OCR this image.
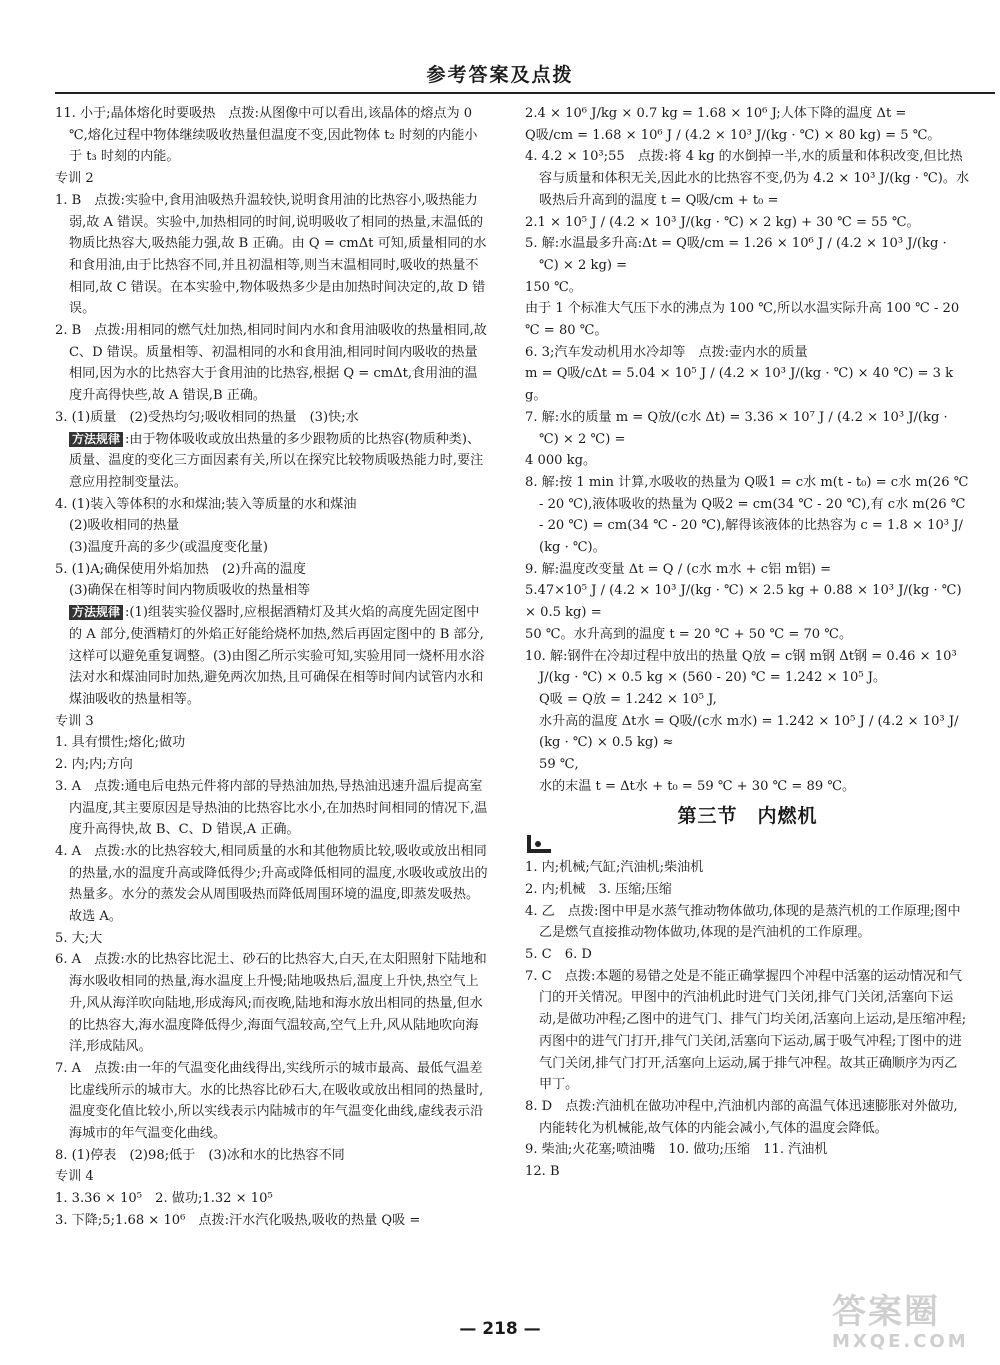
参考答案及点拨

11. 小于;晶体熔化时要吸热　点拨:从图像中可以看出,该晶体的熔点为 0 ℃,熔化过程中物体继续吸收热量但温度不变,因此物体 t₂ 时刻的内能小于 t₃ 时刻的内能。

专训 2

1. B　点拨:实验中,食用油吸热升温较快,说明食用油的比热容小,吸热能力弱,故 A 错误。实验中,加热相同的时间,说明吸收了相同的热量,末温低的物质比热容大,吸热能力强,故 B 正确。由 Q = cmΔt 可知,质量相同的水和食用油,由于比热容不同,并且初温相等,则当末温相同时,吸收的热量不相同,故 C 错误。在本实验中,物体吸热多少是由加热时间决定的,故 D 错误。

2. B　点拨:用相同的燃气灶加热,相同时间内水和食用油吸收的热量相同,故 C、D 错误。质量相等、初温相同的水和食用油,相同时间内吸收的热量相同,因为水的比热容大于食用油的比热容,根据 Q = cmΔt,食用油的温度升高得快些,故 A 错误,B 正确。

3. (1)质量　(2)受热均匀;吸收相同的热量　(3)快;水

方法规律 :由于物体吸收或放出热量的多少跟物质的比热容(物质种类)、质量、温度的变化三方面因素有关,所以在探究比较物质吸热能力时,要注意应用控制变量法。

4. (1)装入等体积的水和煤油;装入等质量的水和煤油

(2)吸收相同的热量

(3)温度升高的多少(或温度变化量)

5. (1)A;确保使用外焰加热　(2)升高的温度

(3)确保在相等时间内物质吸收的热量相等

方法规律 :(1)组装实验仪器时,应根据酒精灯及其火焰的高度先固定图中的 A 部分,使酒精灯的外焰正好能给烧杯加热,然后再固定图中的 B 部分,这样可以避免重复调整。(3)由图乙所示实验可知,实验用同一烧杯用水浴法对水和煤油同时加热,避免两次加热,且可确保在相等时间内试管内水和煤油吸收的热量相等。

专训 3

1. 具有惯性;熔化;做功

2. 内;内;方向

3. A　点拨:通电后电热元件将内部的导热油加热,导热油迅速升温后提高室内温度,其主要原因是导热油的比热容比水小,在加热时间相同的情况下,温度升高得快,故 B、C、D 错误,A 正确。

4. A　点拨:水的比热容较大,相同质量的水和其他物质比较,吸收或放出相同的热量,水的温度升高或降低得少;升高或降低相同的温度,水吸收或放出的热量多。水分的蒸发会从周围吸热而降低周围环境的温度,即蒸发吸热。故选 A。

5. 大;大

6. A　点拨:水的比热容比泥土、砂石的比热容大,白天,在太阳照射下陆地和海水吸收相同的热量,海水温度上升慢;陆地吸热后,温度上升快,热空气上升,风从海洋吹向陆地,形成海风;而夜晚,陆地和海水放出相同的热量,但水的比热容大,海水温度降低得少,海面气温较高,空气上升,风从陆地吹向海洋,形成陆风。

7. A　点拨:由一年的气温变化曲线得出,实线所示的城市最高、最低气温差比虚线所示的城市大。水的比热容比砂石大,在吸收或放出相同的热量时,温度变化值比较小,所以实线表示内陆城市的年气温变化曲线,虚线表示沿海城市的年气温变化曲线。

8. (1)停表　(2)98;低于　(3)冰和水的比热容不同

专训 4

1. 3.36 × 10⁵　2. 做功;1.32 × 10⁵

3. 下降;5;1.68 × 10⁶　点拨:汗水汽化吸热,吸收的热量 Q吸 =

2.4 × 10⁶ J/kg × 0.7 kg = 1.68 × 10⁶ J;人体下降的温度 Δt =

Q吸/cm = 1.68 × 10⁶ J / (4.2 × 10³ J/(kg · ℃) × 80 kg) = 5 ℃。

4. 4.2 × 10³;55　点拨:将 4 kg 的水倒掉一半,水的质量和体积改变,但比热容与质量和体积无关,因此水的比热容不变,仍为 4.2 × 10³ J/(kg · ℃)。水吸热后升高到的温度 t = Q吸/cm + t₀ =

2.1 × 10⁵ J / (4.2 × 10³ J/(kg · ℃) × 2 kg) + 30 ℃ = 55 ℃。

5. 解:水温最多升高:Δt = Q吸/cm = 1.26 × 10⁶ J / (4.2 × 10³ J/(kg · ℃) × 2 kg) =

150 ℃。

由于 1 个标准大气压下水的沸点为 100 ℃,所以水温实际升高 100 ℃ - 20 ℃ = 80 ℃。

6. 3;汽车发动机用水冷却等　点拨:壶内水的质量

m = Q吸/cΔt = 5.04 × 10⁵ J / (4.2 × 10³ J/(kg · ℃) × 40 ℃) = 3 kg。

7. 解:水的质量 m = Q放/(c水 Δt) = 3.36 × 10⁷ J / (4.2 × 10³ J/(kg · ℃) × 2 ℃) =

4 000 kg。

8. 解:按 1 min 计算,水吸收的热量为 Q吸1 = c水 m(t - t₀) = c水 m(26 ℃ - 20 ℃),液体吸收的热量为 Q吸2 = cm(34 ℃ - 20 ℃),有 c水 m(26 ℃ - 20 ℃) = cm(34 ℃ - 20 ℃),解得该液体的比热容为 c = 1.8 × 10³ J/(kg · ℃)。

9. 解:温度改变量 Δt = Q / (c水 m水 + c铝 m铝) =

5.47×10⁵ J / (4.2 × 10³ J/(kg · ℃) × 2.5 kg + 0.88 × 10³ J/(kg · ℃) × 0.5 kg) =

50 ℃。水升高到的温度 t = 20 ℃ + 50 ℃ = 70 ℃。

10. 解:钢件在冷却过程中放出的热量 Q放 = c钢 m钢 Δt钢 = 0.46 × 10³ J/(kg · ℃) × 0.5 kg × (560 - 20) ℃ = 1.242 × 10⁵ J。

Q吸 = Q放 = 1.242 × 10⁵ J,

水升高的温度 Δt水 = Q吸/(c水 m水) = 1.242 × 10⁵ J / (4.2 × 10³ J/(kg · ℃) × 0.5 kg) ≈

59 ℃,

水的末温 t = Δt水 + t₀ = 59 ℃ + 30 ℃ = 89 ℃。

第三节　内燃机

1. 内;机械;气缸;汽油机;柴油机

2. 内;机械　3. 压缩;压缩

4. 乙　点拨:图中甲是水蒸气推动物体做功,体现的是蒸汽机的工作原理;图中乙是燃气直接推动物体做功,体现的是汽油机的工作原理。

5. C　6. D

7. C　点拨:本题的易错之处是不能正确掌握四个冲程中活塞的运动情况和气门的开关情况。甲图中的汽油机此时进气门关闭,排气门关闭,活塞向下运动,是做功冲程;乙图中的进气门、排气门均关闭,活塞向上运动,是压缩冲程;丙图中的进气门打开,排气门关闭,活塞向下运动,属于吸气冲程;丁图中的进气门关闭,排气门打开,活塞向上运动,属于排气冲程。故其正确顺序为丙乙甲丁。

8. D　点拨:汽油机在做功冲程中,汽油机内部的高温气体迅速膨胀对外做功,内能转化为机械能,故气体的内能会减小,气体的温度会降低。

9. 柴油;火花塞;喷油嘴　10. 做功;压缩　11. 汽油机

12. B

— 218 —	答案圈
MXQE.COM
